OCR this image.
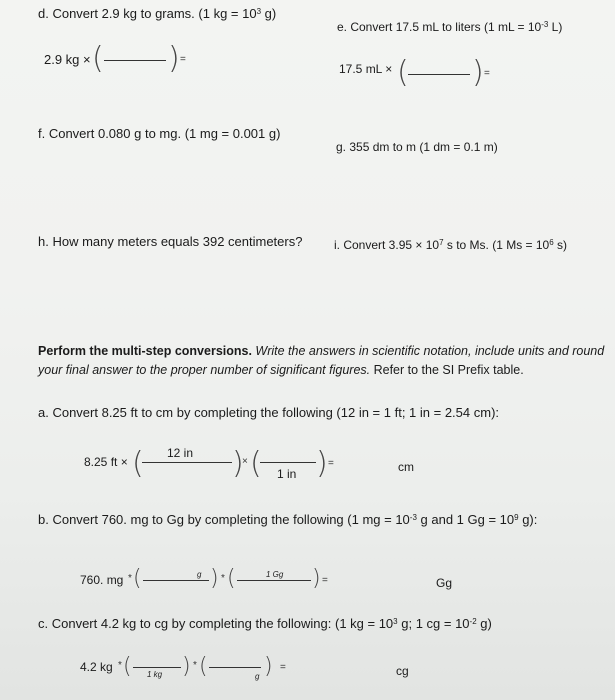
d. Convert 2.9 kg to grams. (1 kg = $10^3$ g)
2.9 kg × ( ) =
e. Convert 17.5 mL to liters (1 mL = $10^{-3}$ L)
17.5 mL × ( ) =
f. Convert 0.080 g to mg. (1 mg = 0.001 g)
g. 355 dm to m (1 dm = 0.1 m)
h. How many meters equals 392 centimeters?	i. Convert $3.95 \times 10^7$ s to Ms. (1 $Ms = 10^6$ s)
Perform the multi-step conversions. Write the answers in scientific notation, include units and round
your final answer to the proper number of significant figures. Refer to the SI Prefix table.
a. Convert 8.25 ft to cm by completing the following (12 in = 1 ft; 1 in = 2.54 cm):
8.25 ft × ( 12 in )
× ( 1 in ) =	cm
b. Convert 760. mg to Gg by completing the following (1 mg = $10^{-3}$ g and 1 $Gg = 10^9$ g):
760. mg * (	g ) * (	1 Gg ) =	Gg
c. Convert 4.2 kg to cg by completing the following: (1 kg = $10^3$ g; 1 cg = $10^{-2}$ g)
4.2 kg * ( 1 kg ) * (	g ) =	cg
